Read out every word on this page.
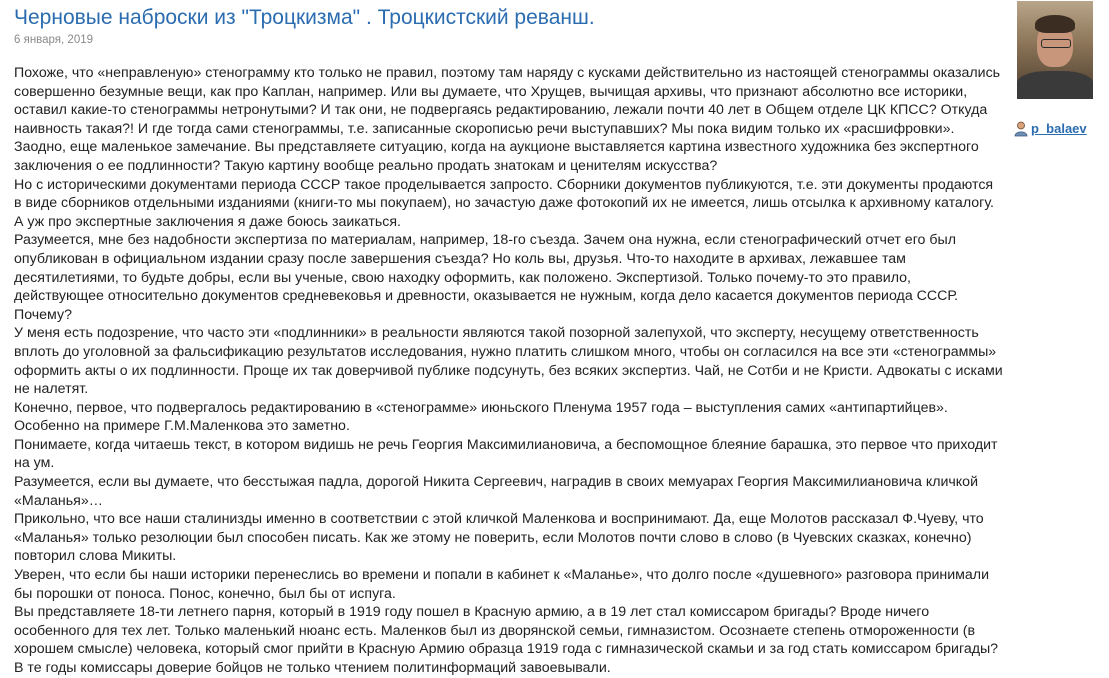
Черновые наброски из "Троцкизма" . Троцкистский реванш.
6 января, 2019

Похоже, что «неправленую» стенограмму кто только не правил, поэтому там наряду с кусками действительно из настоящей стенограммы оказались совершенно безумные вещи, как про Каплан, например. Или вы думаете, что Хрущев, вычищая архивы, что признают абсолютно все историки, оставил какие-то стенограммы нетронутыми? И так они, не подвергаясь редактированию, лежали почти 40 лет в Общем отделе ЦК КПСС? Откуда наивность такая?! И где тогда сами стенограммы, т.е. записанные скорописью речи выступавших? Мы пока видим только их «расшифровки».

Заодно, еще маленькое замечание. Вы представляете ситуацию, когда на аукционе выставляется картина известного художника без экспертного заключения о ее подлинности? Такую картину вообще реально продать знатокам и ценителям искусства?

Но с историческими документами периода СССР такое проделывается запросто. Сборники документов публикуются, т.е. эти документы продаются в виде сборников отдельными изданиями (книги-то мы покупаем), но зачастую даже фотокопий их не имеется, лишь отсылка к архивному каталогу. А уж про экспертные заключения я даже боюсь заикаться.

Разумеется, мне без надобности экспертиза по материалам, например, 18-го съезда. Зачем она нужна, если стенографический отчет его был опубликован в официальном издании сразу после завершения съезда? Но коль вы, друзья. Что-то находите в архивах, лежавшее там десятилетиями, то будьте добры, если вы ученые, свою находку оформить, как положено. Экспертизой. Только почему-то это правило, действующее относительно документов средневековья и древности, оказывается не нужным, когда дело касается документов периода СССР. Почему?

У меня есть подозрение, что часто эти «подлинники» в реальности являются такой позорной залепухой, что эксперту, несущему ответственность вплоть до уголовной за фальсификацию результатов исследования, нужно платить слишком много, чтобы он согласился на все эти «стенограммы» оформить акты о их подлинности. Проще их так доверчивой публике подсунуть, без всяких экспертиз. Чай, не Сотби и не Кристи. Адвокаты с исками не налетят.

Конечно, первое, что подвергалось редактированию в «стенограмме» июньского Пленума 1957 года – выступления самих «антипартийцев». Особенно на примере Г.М.Маленкова это заметно.

Понимаете, когда читаешь текст, в котором видишь не речь Георгия Максимилиановича, а беспомощное блеяние барашка, это первое что приходит на ум.

Разумеется, если вы думаете, что бесстыжая падла, дорогой Никита Сергеевич, наградив в своих мемуарах Георгия Максимилиановича кличкой «Маланья»…

Прикольно, что все наши сталинизды именно в соответствии с этой кличкой Маленкова и воспринимают. Да, еще Молотов рассказал Ф.Чуеву, что «Маланья» только резолюции был способен писать. Как же этому не поверить, если Молотов почти слово в слово (в Чуевских сказках, конечно) повторил слова Микиты.

Уверен, что если бы наши историки перенеслись во времени и попали в кабинет к «Маланье», что долго после «душевного» разговора принимали бы порошки от поноса. Понос, конечно, был бы от испуга.

Вы представляете 18-ти летнего парня, который в 1919 году пошел в Красную армию, а в 19 лет стал комиссаром бригады? Вроде ничего особенного для тех лет. Только маленький нюанс есть. Маленков был из дворянской семьи, гимназистом. Осознаете степень отмороженности (в хорошем смысле) человека, который смог прийти в Красную Армию образца 1919 года с гимназической скамьи и за год стать комиссаром бригады? В те годы комиссары доверие бойцов не только чтением политинформаций завоевывали.

p_balaev
